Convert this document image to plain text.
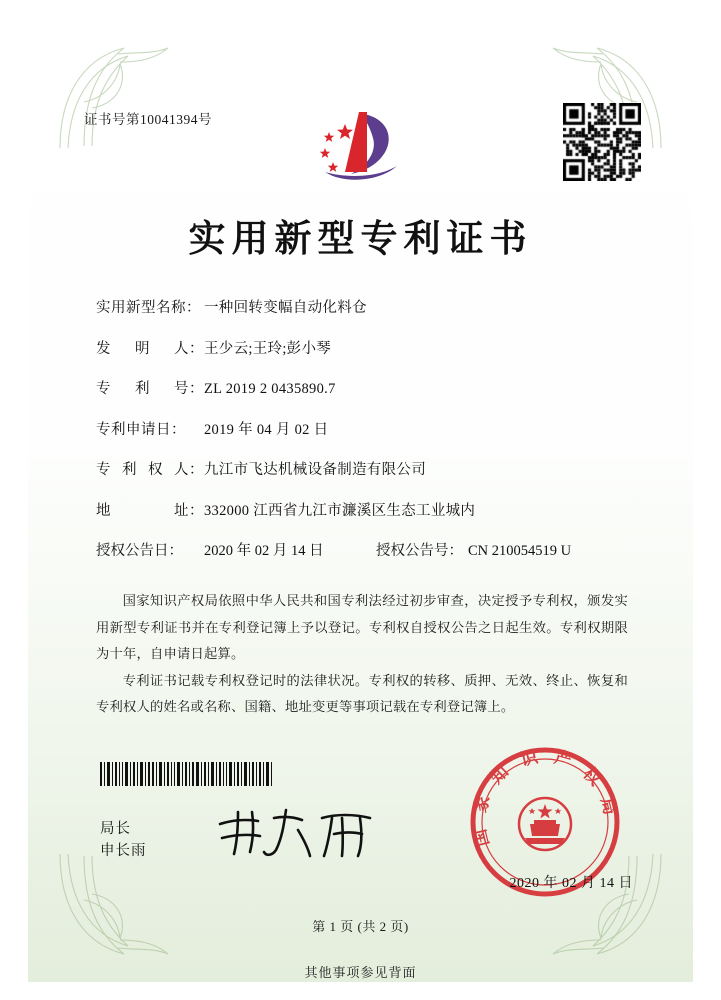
证书号第10041394号
实用新型专利证书
实用新型名称： 一种回转变幅自动化料仓
发 明 人： 王少云;王玲;彭小琴
专 利 号： ZL 2019 2 0435890.7
专利申请日：	2019 年 04 月 02 日
专 利 权 人： 九江市飞达机械设备制造有限公司
地	址： 332000 江西省九江市濂溪区生态工业城内
授权公告日：	2020 年 02 月 14 日	授权公告号： CN 210054519 U

国家知识产权局依照中华人民共和国专利法经过初步审查，决定授予专利权，颁发实用新型专利证书并在专利登记簿上予以登记。专利权自授权公告之日起生效。专利权期限为十年，自申请日起算。

专利证书记载专利权登记时的法律状况。专利权的转移、质押、无效、终止、恢复和专利权人的姓名或名称、国籍、地址变更等事项记载在专利登记簿上。

国
家
知
识 产
权
局
局长
申长雨
2020 年 02 月 14 日
第 1 页 (共 2 页)
其他事项参见背面
